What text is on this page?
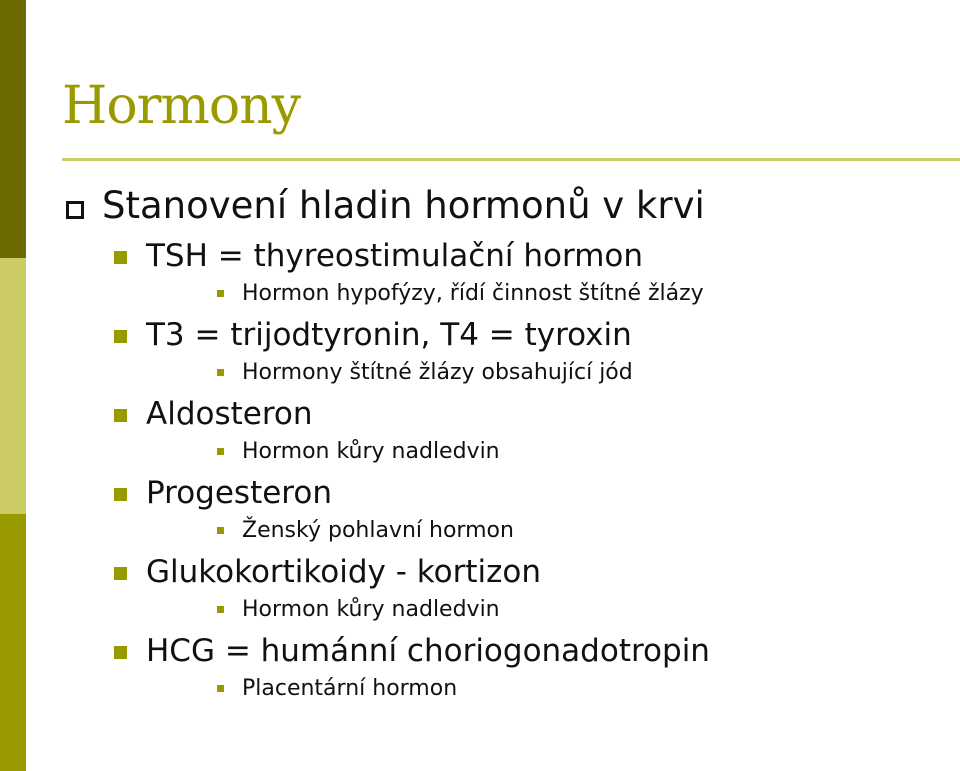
Hormony
Stanovení hladin hormonů v krvi
TSH = thyreostimulační hormon
Hormon hypofýzy, řídí činnost štítné žlázy
T3 = trijodtyronin, T4 = tyroxin
Hormony štítné žlázy obsahující jód
Aldosteron
Hormon kůry nadledvin
Progesteron
Ženský pohlavní hormon
Glukokortikoidy - kortizon
Hormon kůry nadledvin
HCG = humánní choriogonadotropin
Placentární hormon
